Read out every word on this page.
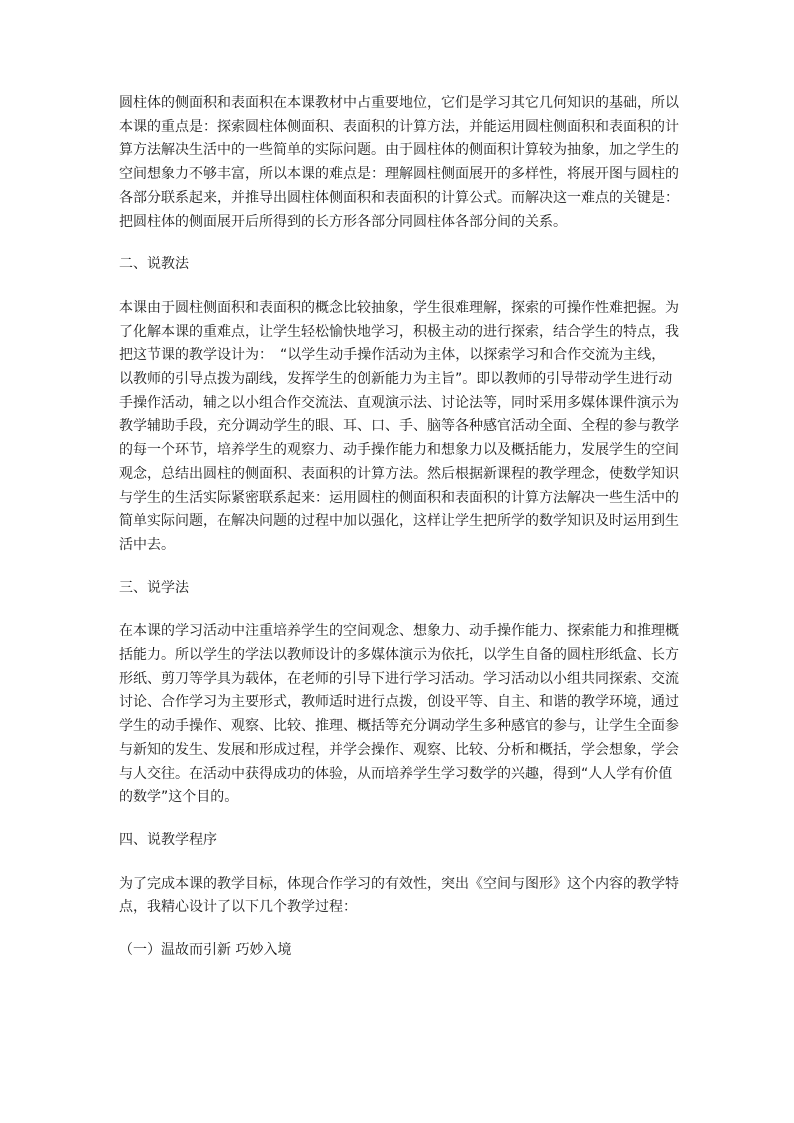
圆柱体的侧面积和表面积在本课教材中占重要地位，它们是学习其它几何知识的基础，所以
本课的重点是：探索圆柱体侧面积、表面积的计算方法，并能运用圆柱侧面积和表面积的计
算方法解决生活中的一些简单的实际问题。由于圆柱体的侧面积计算较为抽象，加之学生的
空间想象力不够丰富，所以本课的难点是：理解圆柱侧面展开的多样性，将展开图与圆柱的
各部分联系起来，并推导出圆柱体侧面积和表面积的计算公式。而解决这一难点的关键是：
把圆柱体的侧面展开后所得到的长方形各部分同圆柱体各部分间的关系。

二、说教法

本课由于圆柱侧面积和表面积的概念比较抽象，学生很难理解，探索的可操作性难把握。为
了化解本课的重难点，让学生轻松愉快地学习，积极主动的进行探索，结合学生的特点，我
把这节课的教学设计为：　“以学生动手操作活动为主体，以探索学习和合作交流为主线，
以教师的引导点拨为副线，发挥学生的创新能力为主旨”。即以教师的引导带动学生进行动
手操作活动，辅之以小组合作交流法、直观演示法、讨论法等，同时采用多媒体课件演示为
教学辅助手段，充分调动学生的眼、耳、口、手、脑等各种感官活动全面、全程的参与教学
的每一个环节，培养学生的观察力、动手操作能力和想象力以及概括能力，发展学生的空间
观念，总结出圆柱的侧面积、表面积的计算方法。然后根据新课程的教学理念，使数学知识
与学生的生活实际紧密联系起来：运用圆柱的侧面积和表面积的计算方法解决一些生活中的
简单实际问题，在解决问题的过程中加以强化，这样让学生把所学的数学知识及时运用到生
活中去。

三、说学法

在本课的学习活动中注重培养学生的空间观念、想象力、动手操作能力、探索能力和推理概
括能力。所以学生的学法以教师设计的多媒体演示为依托，以学生自备的圆柱形纸盒、长方
形纸、剪刀等学具为载体，在老师的引导下进行学习活动。学习活动以小组共同探索、交流
讨论、合作学习为主要形式，教师适时进行点拨，创设平等、自主、和谐的教学环境，通过
学生的动手操作、观察、比较、推理、概括等充分调动学生多种感官的参与，让学生全面参
与新知的发生、发展和形成过程，并学会操作、观察、比较、分析和概括，学会想象，学会
与人交往。在活动中获得成功的体验，从而培养学生学习数学的兴趣，得到“人人学有价值
的数学”这个目的。

四、说教学程序

为了完成本课的教学目标，体现合作学习的有效性，突出《空间与图形》这个内容的教学特
点，我精心设计了以下几个教学过程：

（一）温故而引新 巧妙入境
